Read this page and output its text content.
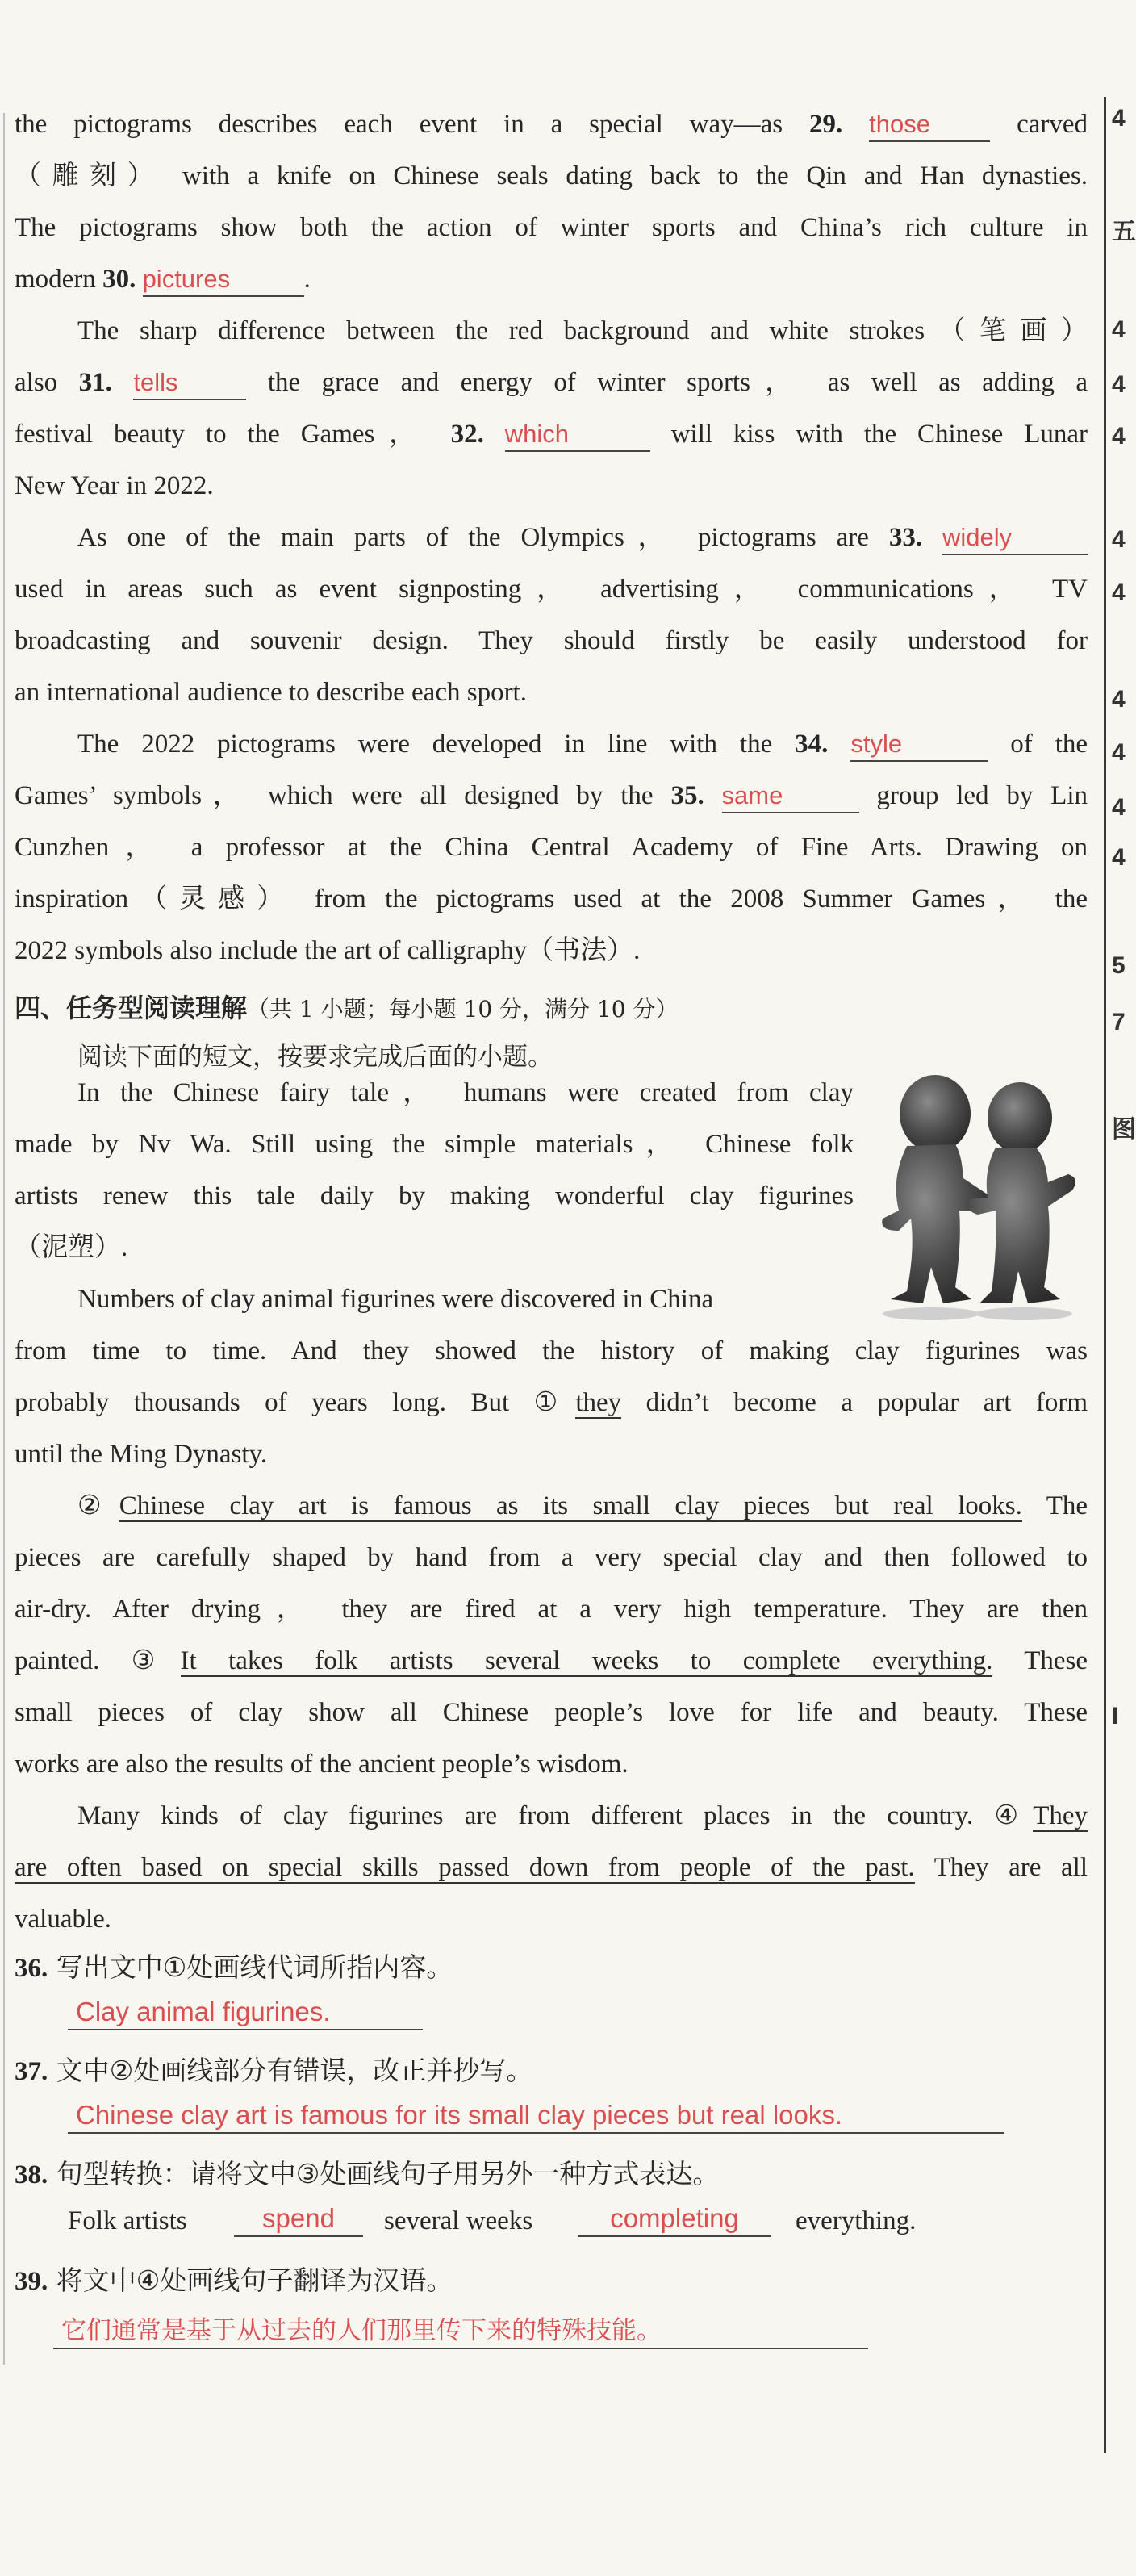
the pictograms describes each event in a special way—as 29. those	carved
（雕刻） with a knife on Chinese seals dating back to the Qin and Han dynasties.
The pictograms show both the action of winter sports and China’s rich culture in
modern 30. pictures	.
The sharp difference between the red background and white strokes（笔画）
also 31. tells	the grace and energy of winter sports， as well as adding a
festival beauty to the Games， 32. which	will kiss with the Chinese Lunar
New Year in 2022.
As one of the main parts of the Olympics， pictograms are 33. widely
used in areas such as event signposting， advertising， communications， TV
broadcasting and souvenir design. They should firstly be easily understood for
an international audience to describe each sport.
The 2022 pictograms were developed in line with the 34. style	of the
Games’ symbols， which were all designed by the 35. same	group led by Lin
Cunzhen， a professor at the China Central Academy of Fine Arts. Drawing on
inspiration（灵感） from the pictograms used at the 2008 Summer Games， the
2022 symbols also include the art of calligraphy（书法）.
四、任务型阅读理解（共 1 小题；每小题 10 分，满分 10 分）
阅读下面的短文，按要求完成后面的小题。
In the Chinese fairy tale， humans were created from clay
made by Nv Wa. Still using the simple materials， Chinese folk
artists renew this tale daily by making wonderful clay figurines
（泥塑）.
Numbers of clay animal figurines were discovered in China
from time to time. And they showed the history of making clay figurines was
probably thousands of years long. But ①they didn’t become a popular art form
until the Ming Dynasty.
②Chinese clay art is famous as its small clay pieces but real looks. The
pieces are carefully shaped by hand from a very special clay and then followed to
air-dry. After drying， they are fired at a very high temperature. They are then
painted. ③It takes folk artists several weeks to complete everything. These
small pieces of clay show all Chinese people’s love for life and beauty. These
works are also the results of the ancient people’s wisdom.
Many kinds of clay figurines are from different places in the country. ④They
are often based on special skills passed down from people of the past. They are all
valuable.
36. 写出文中①处画线代词所指内容。
Clay animal figurines.
37. 文中②处画线部分有错误，改正并抄写。
Chinese clay art is famous for its small clay pieces but real looks.
38. 句型转换：请将文中③处画线句子用另外一种方式表达。
Folk artists	spend	several weeks	completing	everything.
39. 将文中④处画线句子翻译为汉语。
它们通常是基于从过去的人们那里传下来的特殊技能。
4
五
4
4
4
4
4
4
4
4
4
5
7
图
I
